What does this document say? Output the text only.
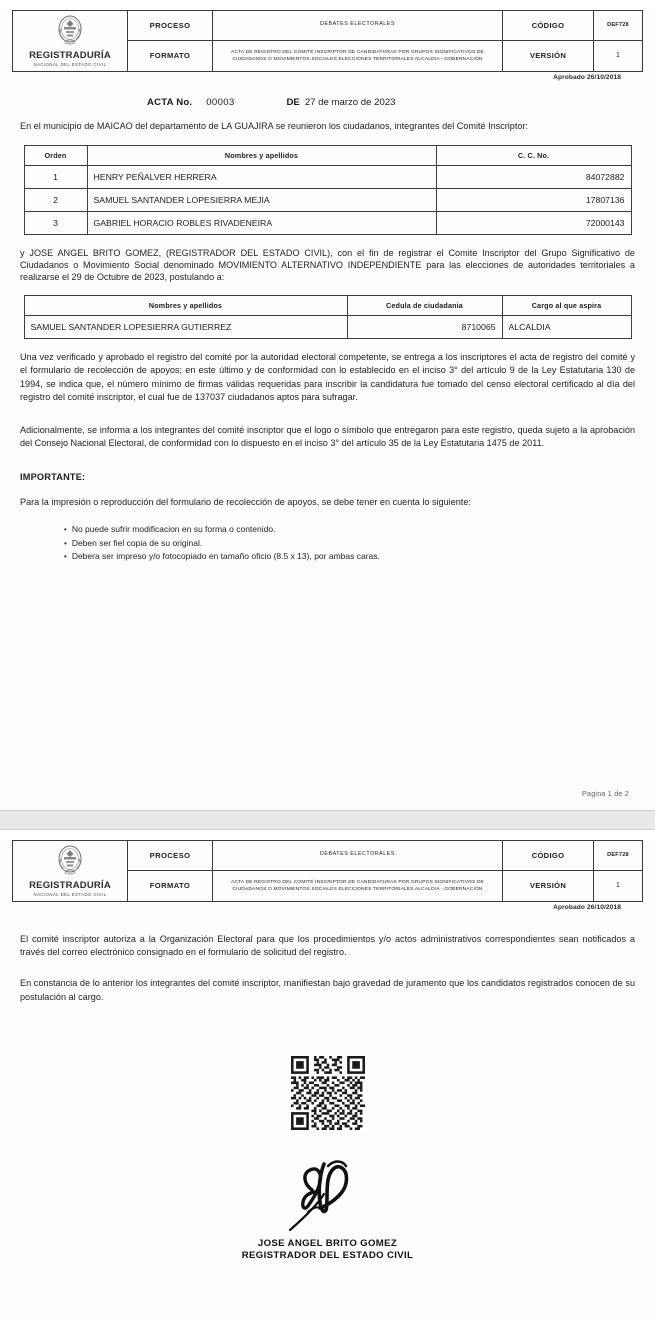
REGISTRADURÍA
NACIONAL DEL ESTADO CIVIL	PROCESO	DEBATES ELECTORALES	CÓDIGO	DEF728
	FORMATO	ACTA DE REGISTRO DEL COMITÉ INSCRIPTOR DE CANDIDATURAS POR GRUPOS SIGNIFICATIVOS DE CIUDADANOS O MOVIMIENTOS SOCIALES ELECCIONES TERRITORIALES ALCALDIA - GOBERNACIÓN	VERSIÓN	1
Aprobado 26/10/2018
ACTA No. 00003	DE 27 de marzo de 2023

En el municipio de MAICAO del departamento de LA GUAJIRA se reunieron los ciudadanos, integrantes del Comité Inscriptor:

Orden	Nombres y apellidos	C. C. No.
1	HENRY PEÑALVER HERRERA	84072882
2	SAMUEL SANTANDER LOPESIERRA MEJIA	17807136
3	GABRIEL HORACIO ROBLES RIVADENEIRA	72000143

y JOSE ANGEL BRITO GOMEZ, (REGISTRADOR DEL ESTADO CIVIL), con el fin de registrar el Comite Inscriptor del Grupo Significativo de Ciudadanos o Movimiento Social denominado MOVIMIENTO ALTERNATIVO INDEPENDIENTE para las elecciones de autoridades territoriales a realizarse el 29 de Octubre de 2023, postulando a:

Nombres y apellidos	Cedula de ciudadania	Cargo al que aspira
SAMUEL SANTANDER LOPESIERRA GUTIERREZ	8710065	ALCALDIA

Una vez verificado y aprobado el registro del comité por la autoridad electoral competente, se entrega a los inscriptores el acta de registro del comité y el formulario de recolección de apoyos; en este último y de conformidad con lo establecido en el inciso 3° del artículo 9 de la Ley Estatutaria 130 de 1994, se indica que, el número mínimo de firmas válidas requeridas para inscribir la candidatura fue tomado del censo electoral certificado al día del registro del comité inscriptor, el cual fue de 137037 ciudadanos aptos para sufragar.

Adicionalmente, se informa a los integrantes del comité inscriptor que el logo o símbolo que entregaron para este registro, queda sujeto a la aprobación del Consejo Nacional Electoral, de conformidad con lo dispuesto en el inciso 3° del artículo 35 de la Ley Estatutaria 1475 de 2011.

IMPORTANTE:

Para la impresión o reproducción del formulario de recolección de apoyos, se debe tener en cuenta lo siguiente:

• No puede sufrir modificacion en su forma o contenido.
• Deben ser fiel copia de su original.
• Debera ser impreso y/o fotocopiado en tamaño oficio (8.5 x 13), por ambas caras.
Pagina 1 de 2
REGISTRADURÍA
NACIONAL DEL ESTADO CIVIL	PROCESO	DEBATES ELECTORALES	CÓDIGO	DEF728
	FORMATO	ACTA DE REGISTRO DEL COMITÉ INSCRIPTOR DE CANDIDATURAS POR GRUPOS SIGNIFICATIVOS DE CIUDADANOS O MOVIMIENTOS SOCIALES ELECCIONES TERRITORIALES ALCALDIA - GOBERNACIÓN	VERSIÓN	1
Aprobado 26/10/2018

El comité inscriptor autoriza a la Organización Electoral para que los procedimientos y/o actos administrativos correspondientes sean notificados a través del correo electrónico consignado en el formulario de solicitud del registro.

En constancia de lo anterior los integrantes del comité inscriptor, manifiestan bajo gravedad de juramento que los candidatos registrados conocen de su postulación al cargo.

JOSE ANGEL BRITO GOMEZ
REGISTRADOR DEL ESTADO CIVIL
